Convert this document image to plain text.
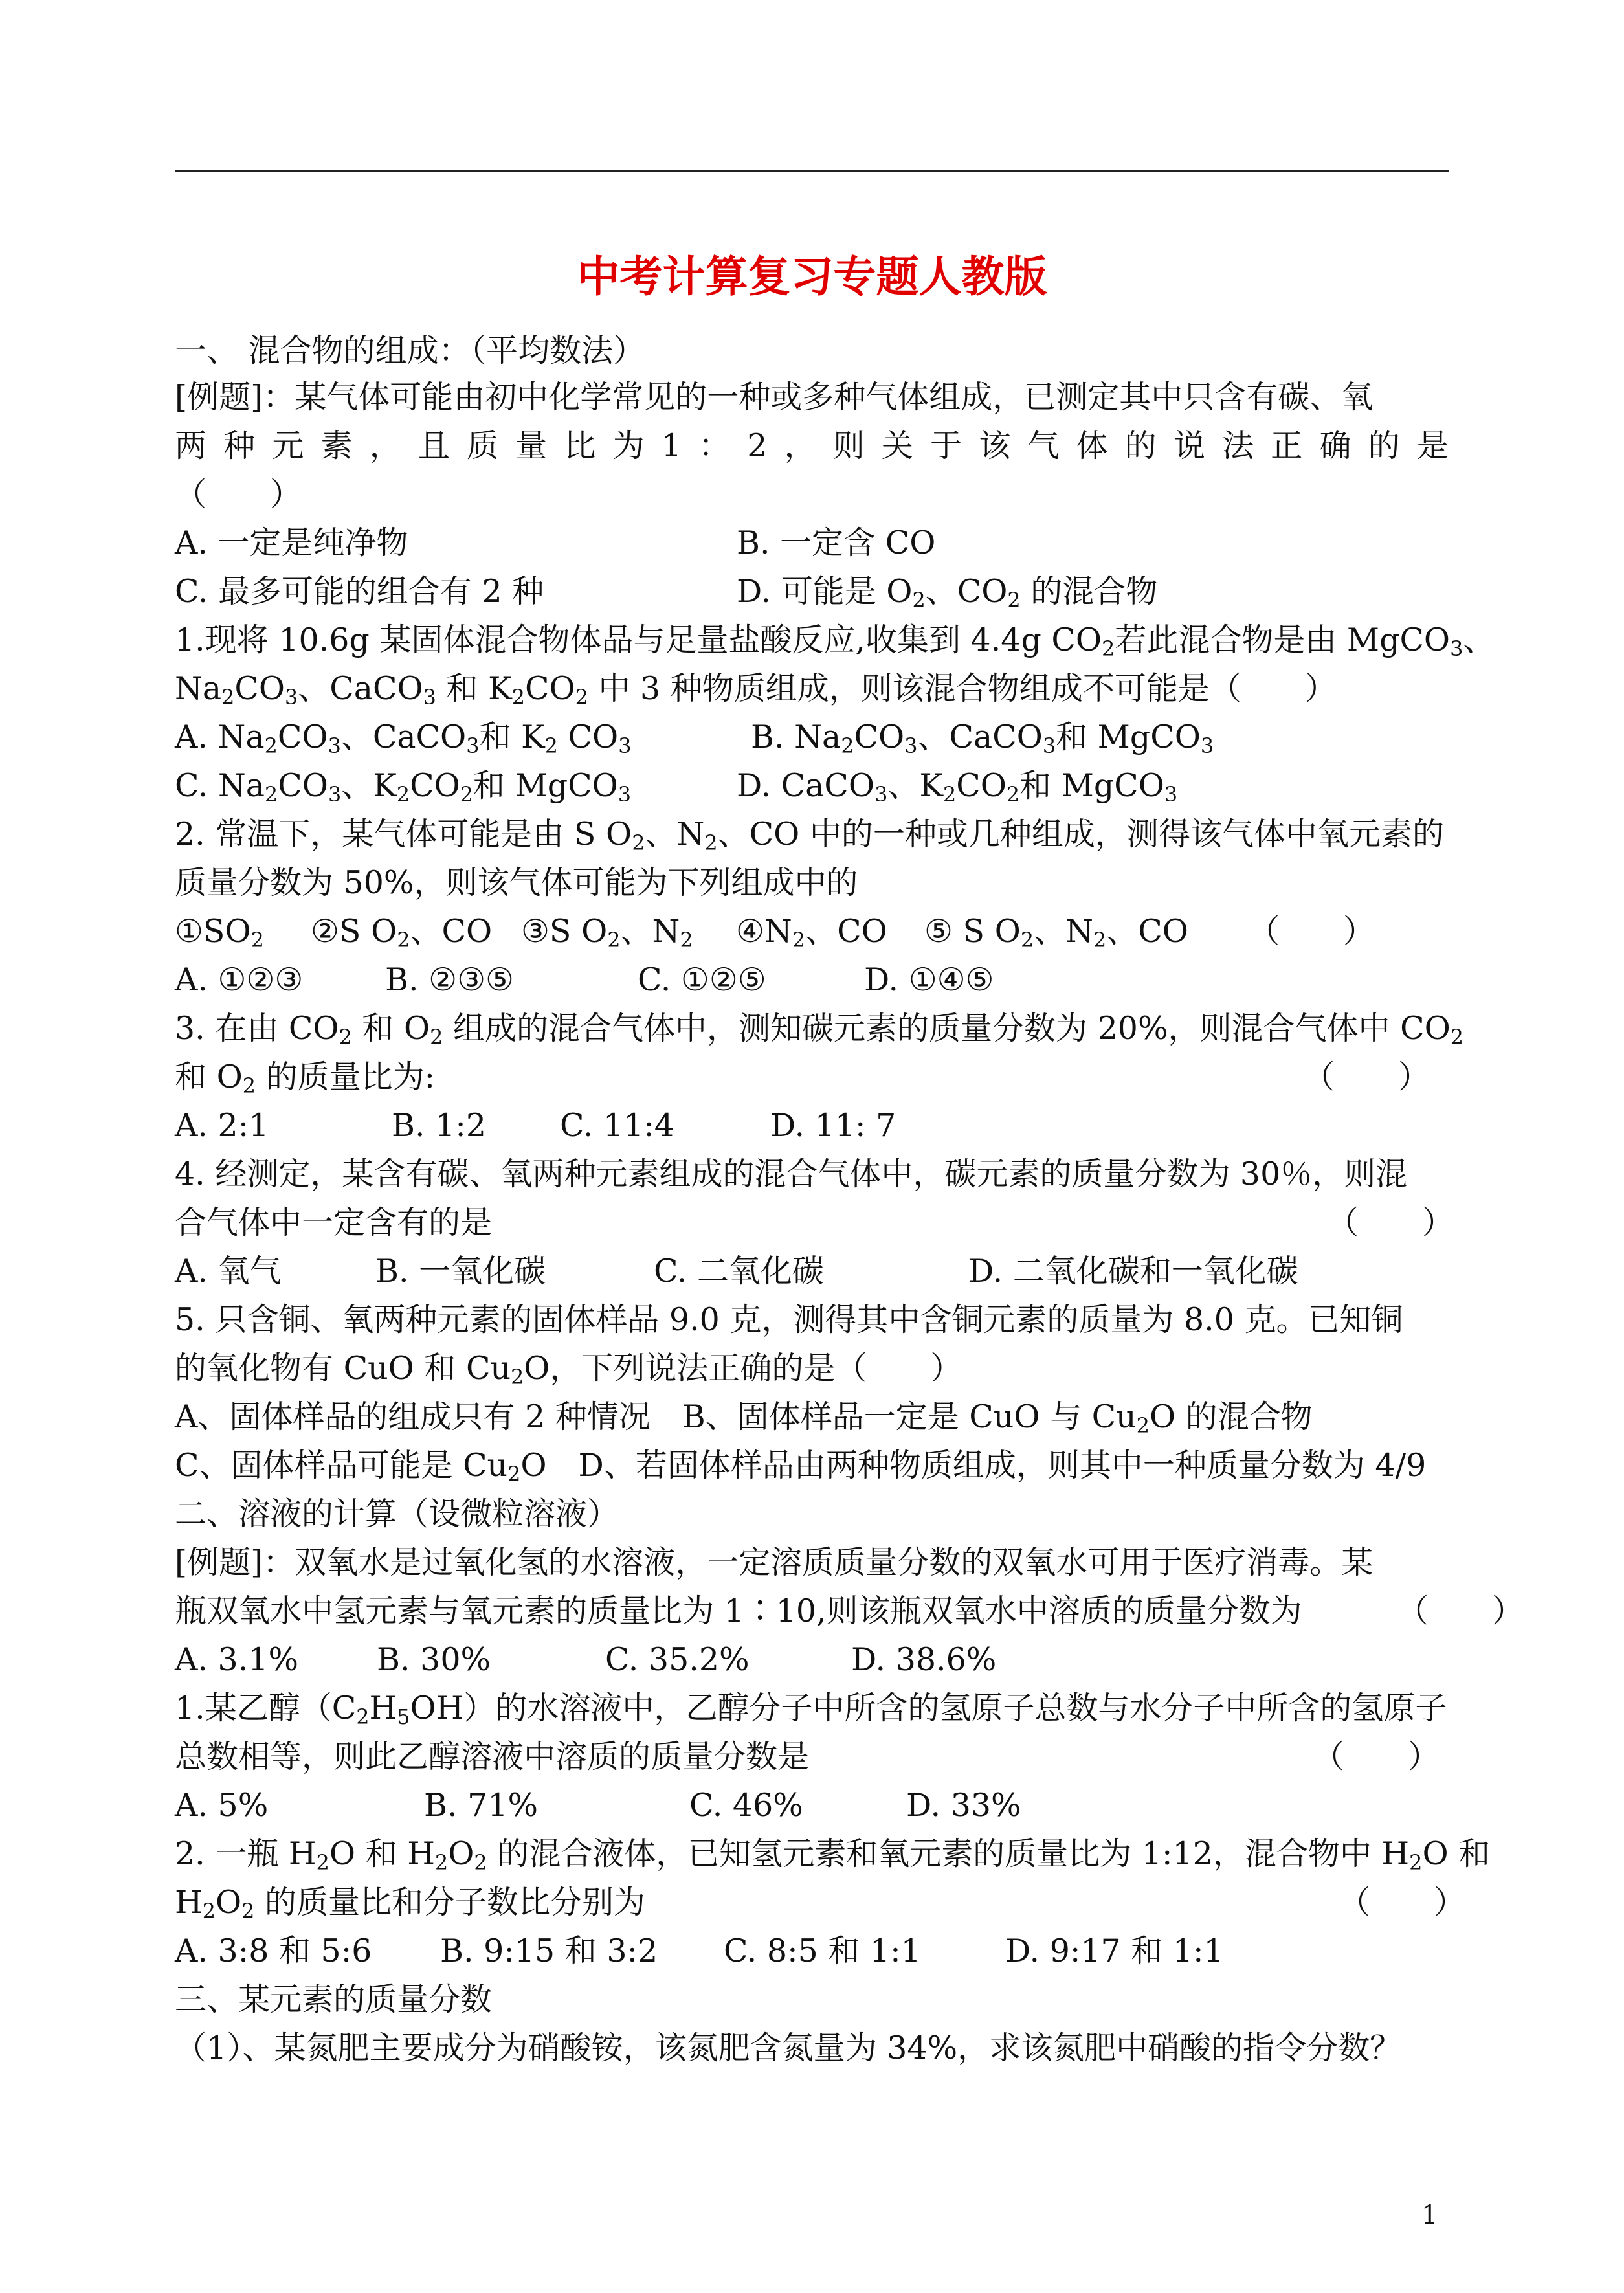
中考计算复习专题人教版
一、 混合物的组成：（平均数法）
[例题]：某气体可能由初中化学常见的一种或多种气体组成，已测定其中只含有碳、氧
两 种 元 素 ， 且 质 量 比 为 1 ： 2 ， 则 关 于 该 气 体 的 说 法 正 确 的 是
（　　）
A. 一定是纯净物	B. 一定含 CO
C. 最多可能的组合有 2 种	D. 可能是 $O_2$、$CO_2$ 的混合物
1.现将 10.6g 某固体混合物体品与足量盐酸反应,收集到 4.4g $CO_2$若此混合物是由 MgCO$_3$、
$Na_2CO_3$、CaCO$_3$ 和 $K_2CO_2$ 中 3 种物质组成，则该混合物组成不可能是（　　）
A. $Na_2CO_3$、CaCO$_3$和 $K_2$ $CO_3$	B. $Na_2CO_3$、CaCO$_3$和 MgCO$_3$
C. $Na_2CO_3$、$K_2CO_2$和 MgCO$_3$	D. CaCO$_3$、$K_2CO_2$和 MgCO$_3$
2. 常温下，某气体可能是由 S $O_2$、$N_2$、CO 中的一种或几种组成，测得该气体中氧元素的
质量分数为 50%，则该气体可能为下列组成中的
$①SO_2$ ②S $O_2$、CO ③S $O_2$、$N_2$ $④N_2$、CO ⑤ S $O_2$、$N_2$、CO （　　）
A. ①②③	B. ②③⑤	C. ①②⑤	D. ①④⑤
3. 在由 $CO_2$ 和 $O_2$ 组成的混合气体中，测知碳元素的质量分数为 20%，则混合气体中 $CO_2$
和 $O_2$ 的质量比为:	（　　）
A. 2:1	B. 1:2 C. 11:4	D. 11: 7
4. 经测定，某含有碳、氧两种元素组成的混合气体中，碳元素的质量分数为 30％，则混
合气体中一定含有的是	（　　）
A. 氧气	B. 一氧化碳	C. 二氧化碳	D. 二氧化碳和一氧化碳
5. 只含铜、氧两种元素的固体样品 9.0 克，测得其中含铜元素的质量为 8.0 克。已知铜
的氧化物有 CuO 和 $Cu_2O$，下列说法正确的是（　　）
A、固体样品的组成只有 2 种情况　B、固体样品一定是 CuO 与 $Cu_2O$ 的混合物
C、固体样品可能是 $Cu_2O$　D、若固体样品由两种物质组成，则其中一种质量分数为 4/9
二、溶液的计算（设微粒溶液）
[例题]：双氧水是过氧化氢的水溶液，一定溶质质量分数的双氧水可用于医疗消毒。某
瓶双氧水中氢元素与氧元素的质量比为 1∶10,则该瓶双氧水中溶质的质量分数为	（　　）
A. 3.1% B. 30%	C. 35.2%	D. 38.6%
1.某乙醇$(C_2H_5OH)$的水溶液中，乙醇分子中所含的氢原子总数与水分子中所含的氢原子
总数相等，则此乙醇溶液中溶质的质量分数是	（　　）
A. 5%	B. 71%	C. 46%	D. 33%
2. 一瓶 $H_2O$ 和 $H_2O_2$ 的混合液体，已知氢元素和氧元素的质量比为 1:12，混合物中 $H_2O$ 和
$H_2O_2$ 的质量比和分子数比分别为	（　　）
A. 3:8 和 5:6 B. 9:15 和 3:2 C. 8:5 和 1:1	D. 9:17 和 1:1
三、某元素的质量分数
（1）、某氮肥主要成分为硝酸铵，该氮肥含氮量为 34%，求该氮肥中硝酸的指令分数？
1
